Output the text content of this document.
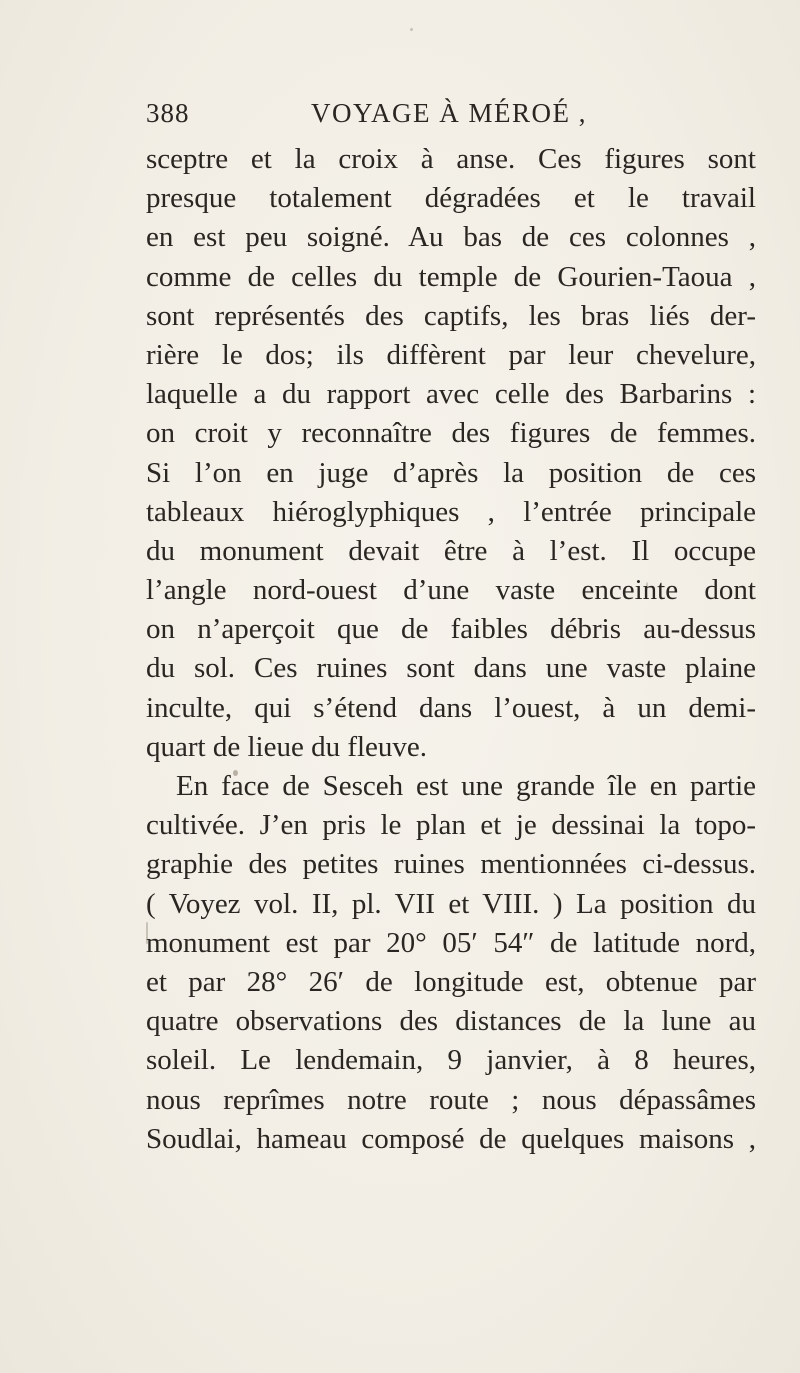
388	VOYAGE À MÉROÉ ,
sceptre et la croix à anse. Ces figures sont
presque totalement dégradées et le travail
en est peu soigné. Au bas de ces colonnes ,
comme de celles du temple de Gourien-Taoua ,
sont représentés des captifs, les bras liés der-
rière le dos; ils diffèrent par leur chevelure,
laquelle a du rapport avec celle des Barbarins :
on croit y reconnaître des figures de femmes.
Si l’on en juge d’après la position de ces
tableaux hiéroglyphiques , l’entrée principale
du monument devait être à l’est. Il occupe
l’angle nord-ouest d’une vaste enceinte dont
on n’aperçoit que de faibles débris au-dessus
du sol. Ces ruines sont dans une vaste plaine
inculte, qui s’étend dans l’ouest, à un demi-
quart de lieue du fleuve.
En face de Sesceh est une grande île en partie
cultivée. J’en pris le plan et je dessinai la topo-
graphie des petites ruines mentionnées ci-dessus.
( Voyez vol. II, pl. VII et VIII. ) La position du
monument est par 20° 05′ 54″ de latitude nord,
et par 28° 26′ de longitude est, obtenue par
quatre observations des distances de la lune au
soleil. Le lendemain, 9 janvier, à 8 heures,
nous reprîmes notre route ; nous dépassâmes
Soudlai, hameau composé de quelques maisons ,
